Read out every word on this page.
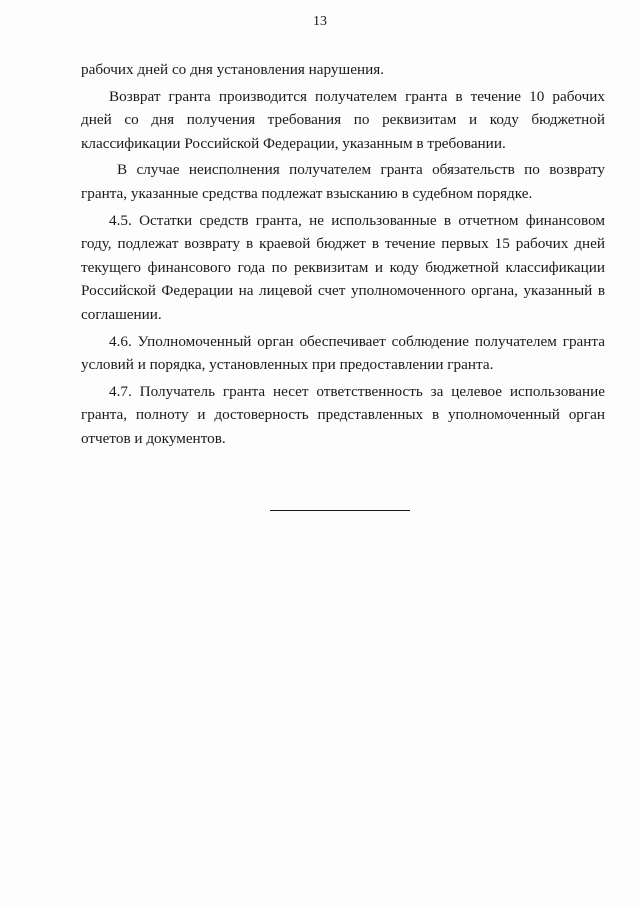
13

рабочих дней со дня установления нарушения.

Возврат гранта производится получателем гранта в течение 10 рабочих дней со дня получения требования по реквизитам и коду бюджетной классификации Российской Федерации, указанным в требовании.

В случае неисполнения получателем гранта обязательств по возврату гранта, указанные средства подлежат взысканию в судебном порядке.

4.5. Остатки средств гранта, не использованные в отчетном финансовом году, подлежат возврату в краевой бюджет в течение первых 15 рабочих дней текущего финансового года по реквизитам и коду бюджетной классификации Российской Федерации на лицевой счет уполномоченного органа, указанный в соглашении.

4.6. Уполномоченный орган обеспечивает соблюдение получателем гранта условий и порядка, установленных при предоставлении гранта.

4.7. Получатель гранта несет ответственность за целевое использование гранта, полноту и достоверность представленных в уполномоченный орган отчетов и документов.
